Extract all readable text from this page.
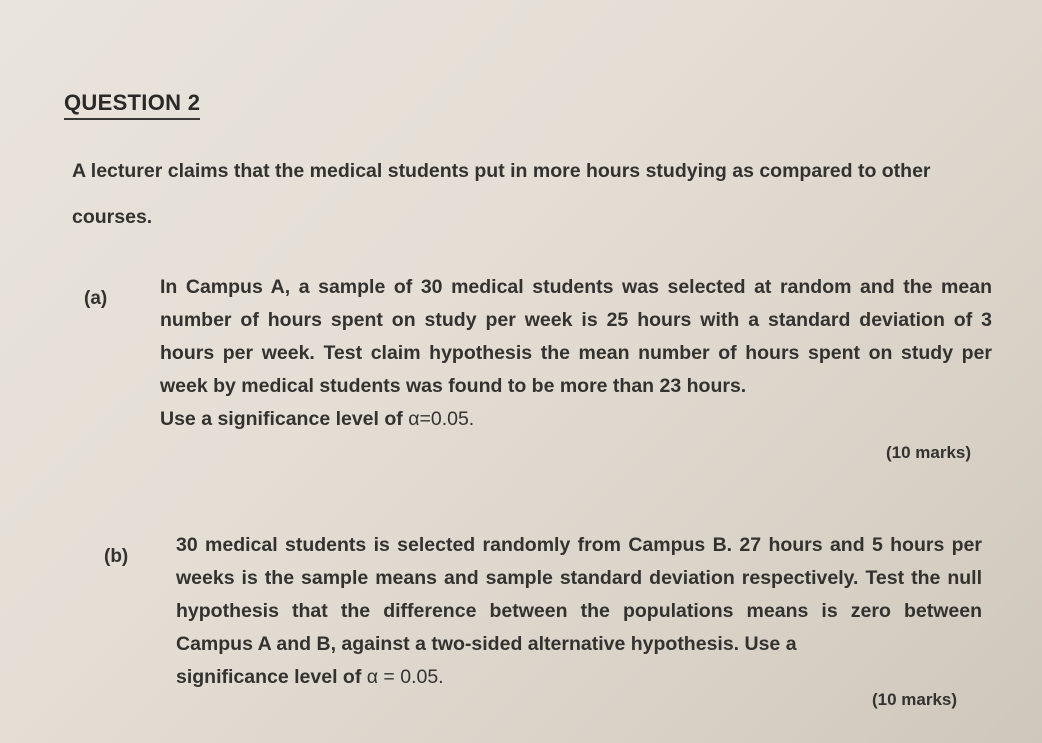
QUESTION 2
A lecturer claims that the medical students put in more hours studying as compared to other courses.
(a)
In Campus A, a sample of 30 medical students was selected at random and the mean number of hours spent on study per week is 25 hours with a standard deviation of 3 hours per week. Test claim hypothesis the mean number of hours spent on study per week by medical students was found to be more than 23 hours.
Use a significance level of α=0.05.
(10 marks)
(b)
30 medical students is selected randomly from Campus B. 27 hours and 5 hours per weeks is the sample means and sample standard deviation respectively. Test the null hypothesis that the difference between the populations means is zero between Campus A and B, against a two-sided alternative hypothesis. Use a
significance level of α = 0.05.
(10 marks)
